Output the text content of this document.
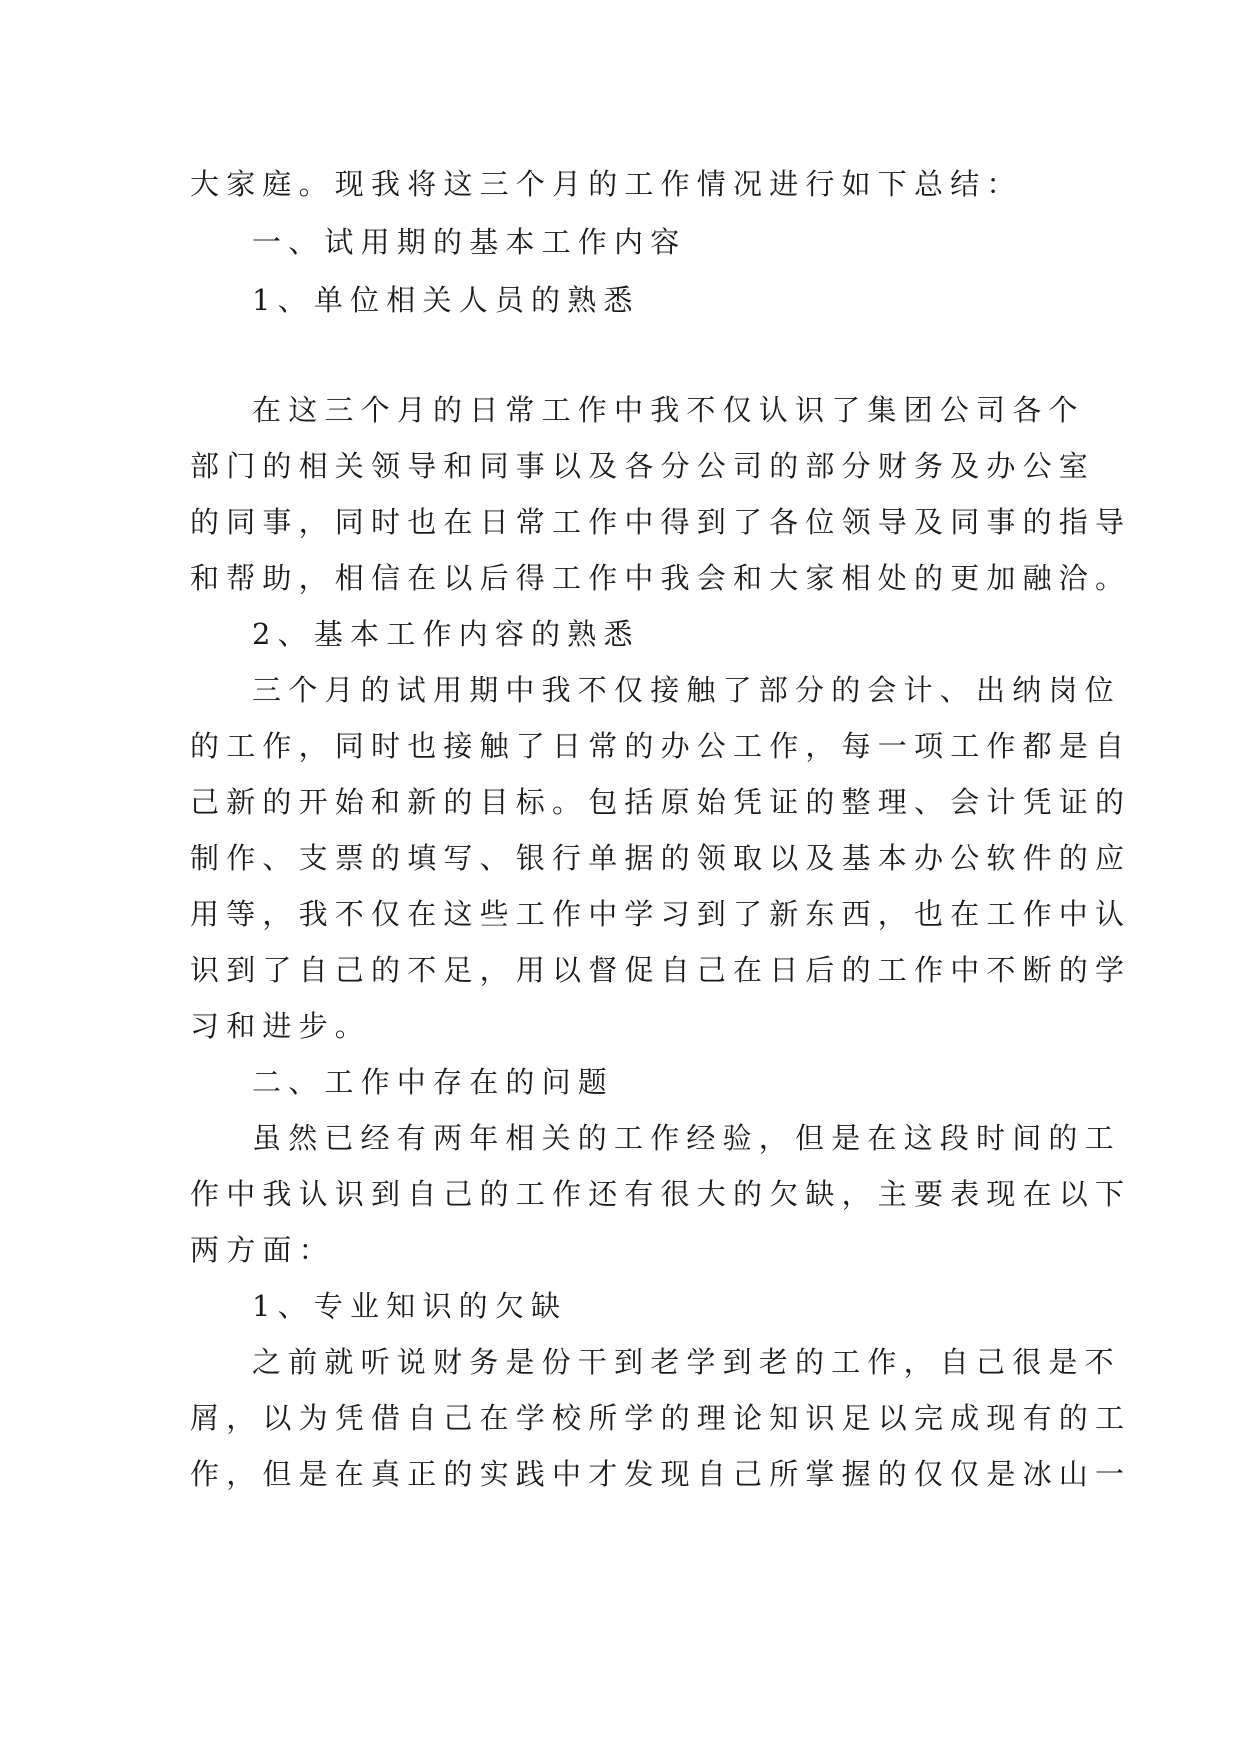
大家庭。现我将这三个月的工作情况进行如下总结：
一、试用期的基本工作内容
1、单位相关人员的熟悉
在这三个月的日常工作中我不仅认识了集团公司各个
部门的相关领导和同事以及各分公司的部分财务及办公室
的同事，同时也在日常工作中得到了各位领导及同事的指导
和帮助，相信在以后得工作中我会和大家相处的更加融洽。
2、基本工作内容的熟悉
三个月的试用期中我不仅接触了部分的会计、出纳岗位
的工作，同时也接触了日常的办公工作，每一项工作都是自
己新的开始和新的目标。包括原始凭证的整理、会计凭证的
制作、支票的填写、银行单据的领取以及基本办公软件的应
用等，我不仅在这些工作中学习到了新东西，也在工作中认
识到了自己的不足，用以督促自己在日后的工作中不断的学
习和进步。
二、工作中存在的问题
虽然已经有两年相关的工作经验，但是在这段时间的工
作中我认识到自己的工作还有很大的欠缺，主要表现在以下
两方面：
1、专业知识的欠缺
之前就听说财务是份干到老学到老的工作，自己很是不
屑，以为凭借自己在学校所学的理论知识足以完成现有的工
作，但是在真正的实践中才发现自己所掌握的仅仅是冰山一
